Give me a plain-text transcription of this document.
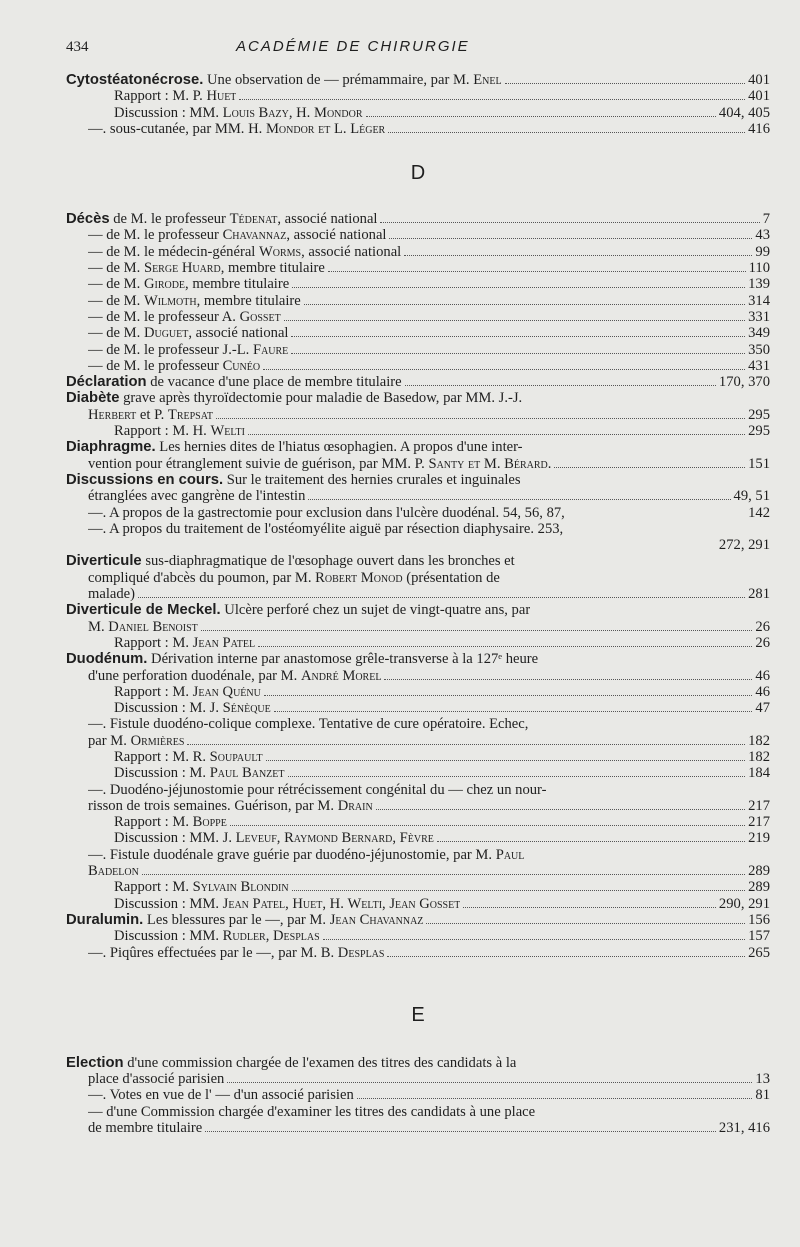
434	ACADÉMIE DE CHIRURGIE
Cytostéatonécrose. Une observation de — prémammaire, par M. Enel	401
Rapport : M. P. Huet	401
Discussion : MM. Louis Bazy, H. Mondor	404, 405
—. sous-cutanée, par MM. H. Mondor et L. Léger	416
D
Décès de M. le professeur Tédenat, associé national	7
— de M. le professeur Chavannaz, associé national	43
— de M. le médecin-général Worms, associé national	99
— de M. Serge Huard, membre titulaire	110
— de M. Girode, membre titulaire	139
— de M. Wilmoth, membre titulaire	314
— de M. le professeur A. Gosset	331
— de M. Duguet, associé national	349
— de M. le professeur J.-L. Faure	350
— de M. le professeur Cunéo	431
Déclaration de vacance d'une place de membre titulaire	170, 370
Diabète grave après thyroïdectomie pour maladie de Basedow, par MM. J.-J.
Herbert et P. Trepsat	295
Rapport : M. H. Welti	295
Diaphragme. Les hernies dites de l'hiatus œsophagien. A propos d'une inter-
vention pour étranglement suivie de guérison, par MM. P. Santy et M. Bérard.	151
Discussions en cours. Sur le traitement des hernies crurales et inguinales
étranglées avec gangrène de l'intestin	49, 51
—. A propos de la gastrectomie pour exclusion dans l'ulcère duodénal. 54, 56, 87,	142
—. A propos du traitement de l'ostéomyélite aiguë par résection diaphysaire. 253,
272, 291
Diverticule sus-diaphragmatique de l'œsophage ouvert dans les bronches et
compliqué d'abcès du poumon, par M. Robert Monod (présentation de
malade)	281
Diverticule de Meckel. Ulcère perforé chez un sujet de vingt-quatre ans, par
M. Daniel Benoist	26
Rapport : M. Jean Patel	26
Duodénum. Dérivation interne par anastomose grêle-transverse à la 127ᵉ heure
d'une perforation duodénale, par M. André Morel	46
Rapport : M. Jean Quénu	46
Discussion : M. J. Sénèque	47
—. Fistule duodéno-colique complexe. Tentative de cure opératoire. Echec,
par M. Ormières	182
Rapport : M. R. Soupault	182
Discussion : M. Paul Banzet	184
—. Duodéno-jéjunostomie pour rétrécissement congénital du — chez un nour-
risson de trois semaines. Guérison, par M. Drain	217
Rapport : M. Boppe	217
Discussion : MM. J. Leveuf, Raymond Bernard, Fèvre	219
—. Fistule duodénale grave guérie par duodéno-jéjunostomie, par M. Paul
Badelon	289
Rapport : M. Sylvain Blondin	289
Discussion : MM. Jean Patel, Huet, H. Welti, Jean Gosset	290, 291
Duralumin. Les blessures par le —, par M. Jean Chavannaz	156
Discussion : MM. Rudler, Desplas	157
—. Piqûres effectuées par le —, par M. B. Desplas	265
E
Election d'une commission chargée de l'examen des titres des candidats à la
place d'associé parisien	13
—. Votes en vue de l' — d'un associé parisien	81
— d'une Commission chargée d'examiner les titres des candidats à une place
de membre titulaire	231, 416
